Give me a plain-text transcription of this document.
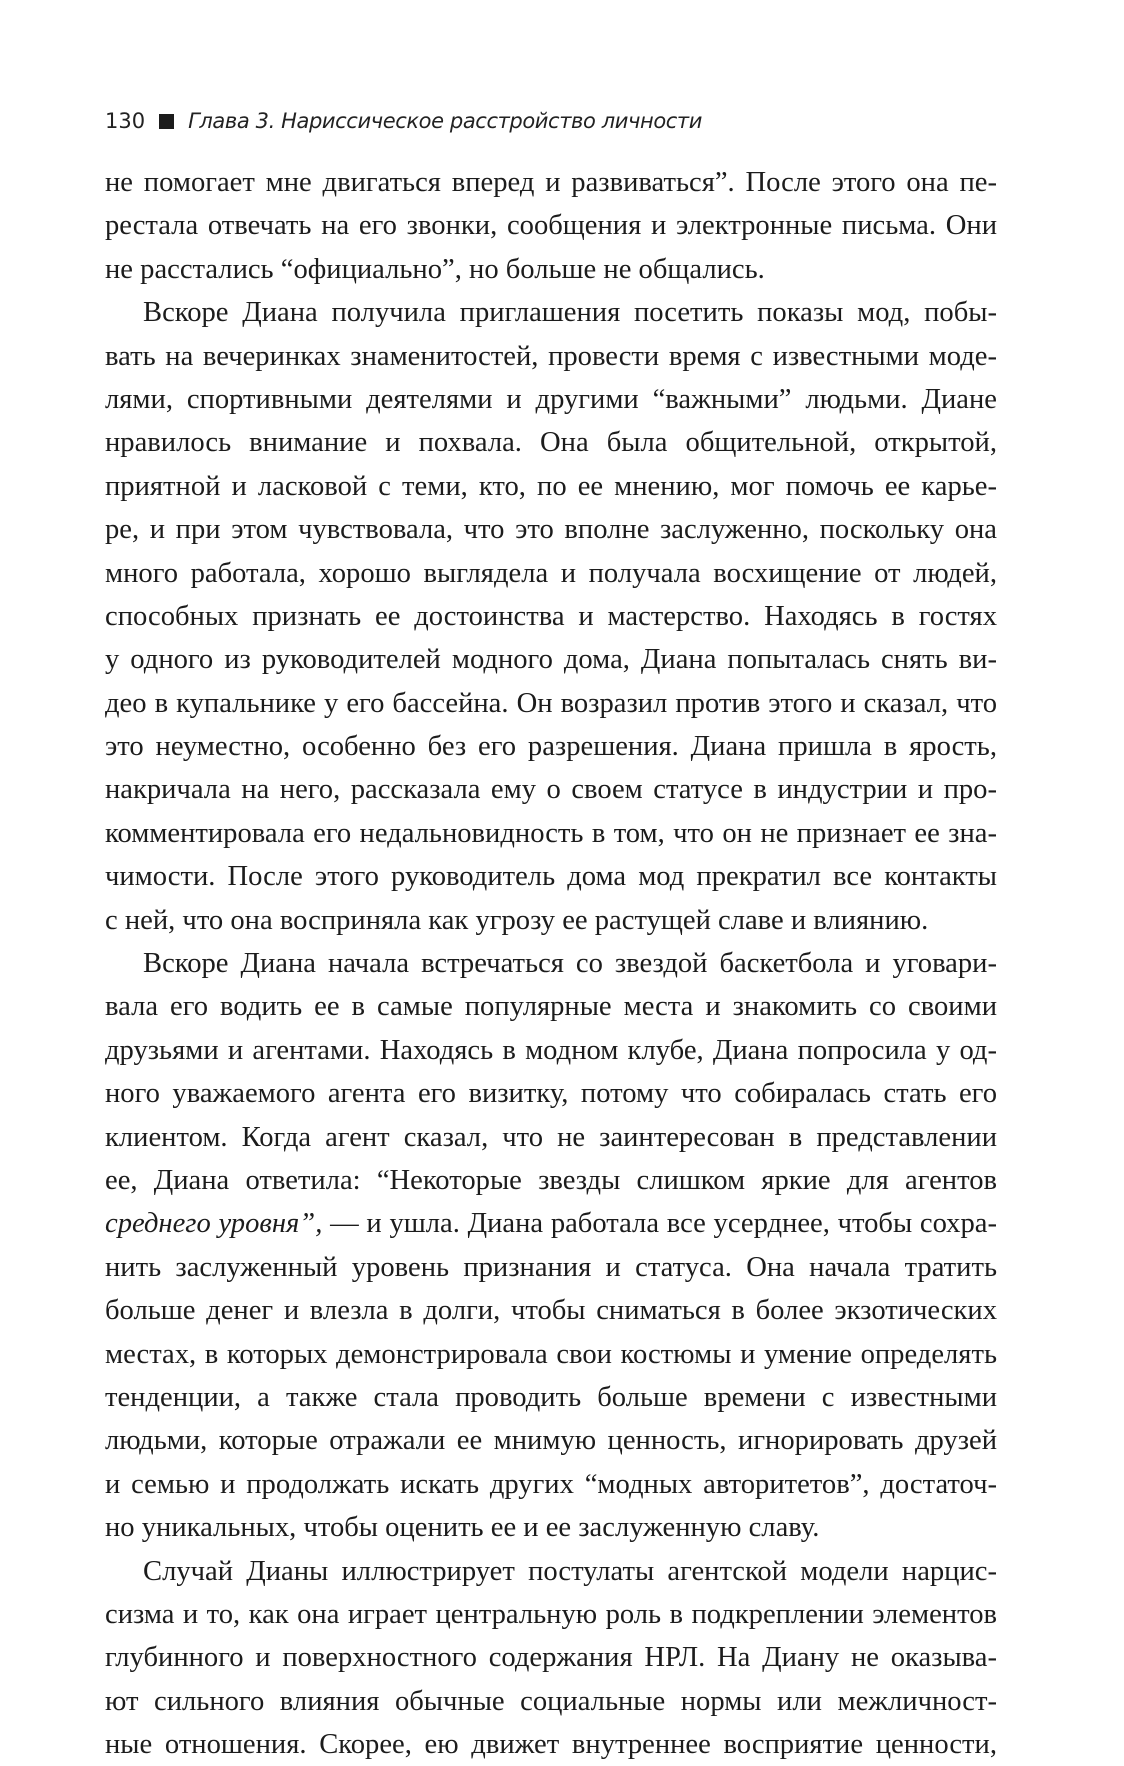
130 Глава 3. Нариссическое расстройство личности
не помогает мне двигаться вперед и развиваться”. После этого она пе-
рестала отвечать на его звонки, сообщения и электронные письма. Они
не расстались “официально”, но больше не общались.
Вскоре Диана получила приглашения посетить показы мод, побы-
вать на вечеринках знаменитостей, провести время с известными моде-
лями, спортивными деятелями и другими “важными” людьми. Диане
нравилось внимание и похвала. Она была общительной, открытой,
приятной и ласковой с теми, кто, по ее мнению, мог помочь ее карье-
ре, и при этом чувствовала, что это вполне заслуженно, поскольку она
много работала, хорошо выглядела и получала восхищение от людей,
способных признать ее достоинства и мастерство. Находясь в гостях
у одного из руководителей модного дома, Диана попыталась снять ви-
део в купальнике у его бассейна. Он возразил против этого и сказал, что
это неуместно, особенно без его разрешения. Диана пришла в ярость,
накричала на него, рассказала ему о своем статусе в индустрии и про-
комментировала его недальновидность в том, что он не признает ее зна-
чимости. После этого руководитель дома мод прекратил все контакты
с ней, что она восприняла как угрозу ее растущей славе и влиянию.
Вскоре Диана начала встречаться со звездой баскетбола и уговари-
вала его водить ее в самые популярные места и знакомить со своими
друзьями и агентами. Находясь в модном клубе, Диана попросила у од-
ного уважаемого агента его визитку, потому что собиралась стать его
клиентом. Когда агент сказал, что не заинтересован в представлении
ее, Диана ответила: “Некоторые звезды слишком яркие для агентов
среднего уровня”, — и ушла. Диана работала все усерднее, чтобы сохра-
нить заслуженный уровень признания и статуса. Она начала тратить
больше денег и влезла в долги, чтобы сниматься в более экзотических
местах, в которых демонстрировала свои костюмы и умение определять
тенденции, а также стала проводить больше времени с известными
людьми, которые отражали ее мнимую ценность, игнорировать друзей
и семью и продолжать искать других “модных авторитетов”, достаточ-
но уникальных, чтобы оценить ее и ее заслуженную славу.
Случай Дианы иллюстрирует постулаты агентской модели нарцис-
сизма и то, как она играет центральную роль в подкреплении элементов
глубинного и поверхностного содержания НРЛ. На Диану не оказыва-
ют сильного влияния обычные социальные нормы или межличност-
ные отношения. Скорее, ею движет внутреннее восприятие ценности,
